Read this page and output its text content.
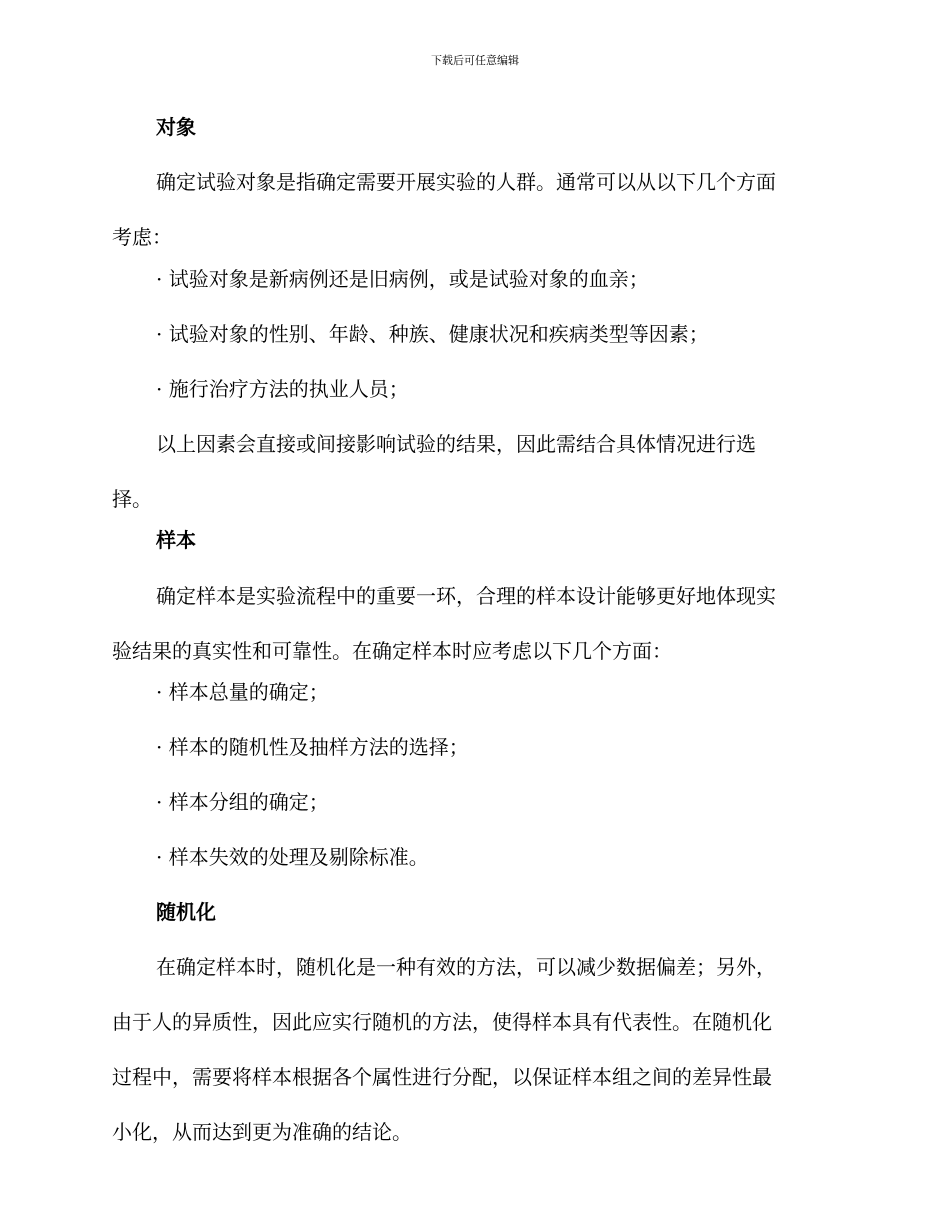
下载后可任意编辑
对象
确定试验对象是指确定需要开展实验的人群。通常可以从以下几个方面
考虑：
· 试验对象是新病例还是旧病例，或是试验对象的血亲；
· 试验对象的性别、年龄、种族、健康状况和疾病类型等因素；
· 施行治疗方法的执业人员；
以上因素会直接或间接影响试验的结果，因此需结合具体情况进行选
择。
样本
确定样本是实验流程中的重要一环，合理的样本设计能够更好地体现实
验结果的真实性和可靠性。在确定样本时应考虑以下几个方面：
· 样本总量的确定；
· 样本的随机性及抽样方法的选择；
· 样本分组的确定；
· 样本失效的处理及剔除标准。
随机化
在确定样本时，随机化是一种有效的方法，可以减少数据偏差；另外，
由于人的异质性，因此应实行随机的方法，使得样本具有代表性。在随机化
过程中，需要将样本根据各个属性进行分配，以保证样本组之间的差异性最
小化，从而达到更为准确的结论。
